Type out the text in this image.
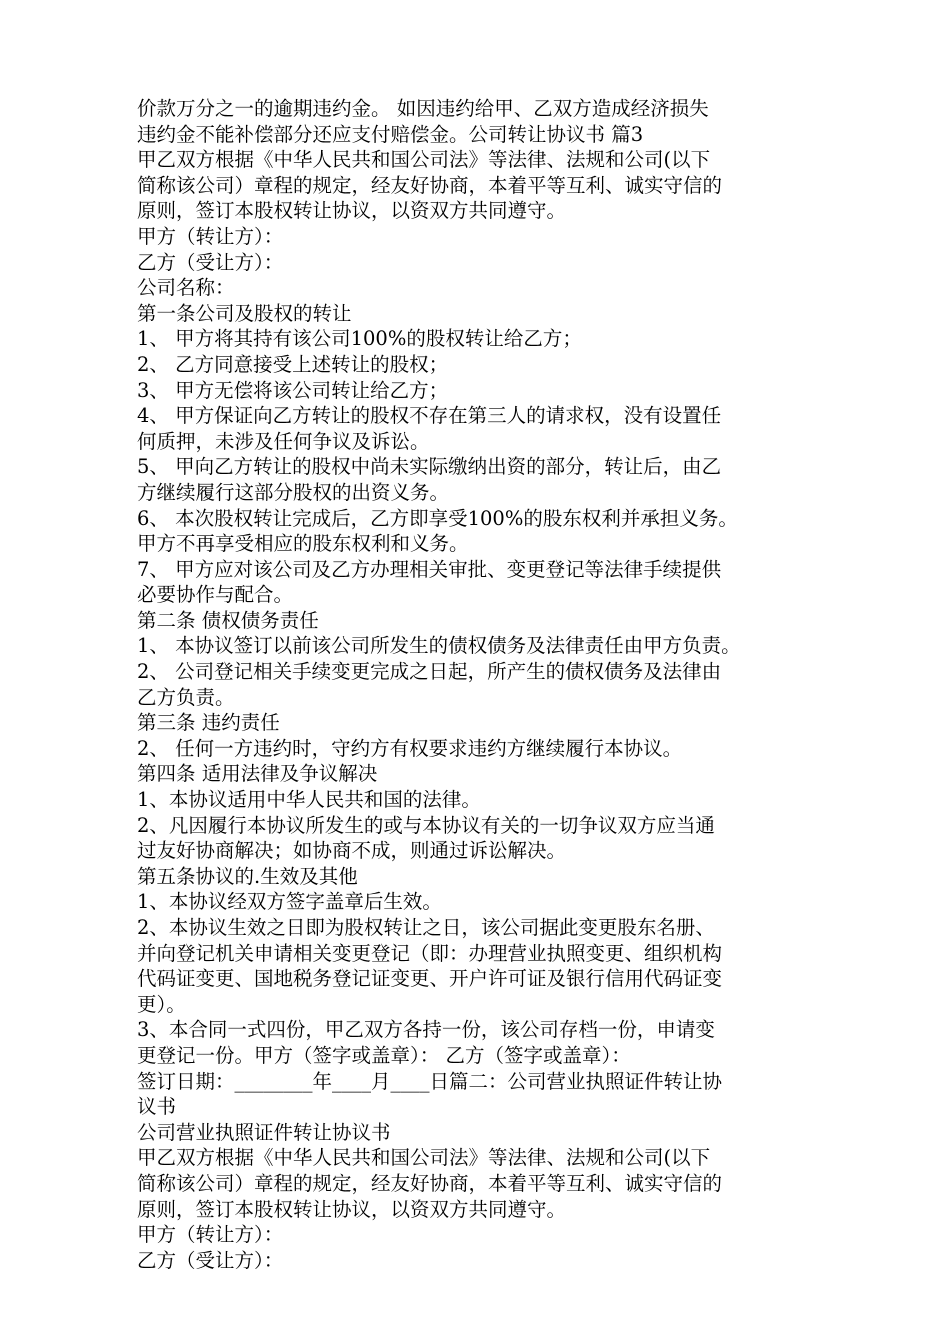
价款万分之一的逾期违约金。 如因违约给甲、乙双方造成经济损失
违约金不能补偿部分还应支付赔偿金。公司转让协议书 篇3
甲乙双方根据《中华人民共和国公司法》等法律、法规和公司(以下
简称该公司）章程的规定，经友好协商，本着平等互利、诚实守信的
原则，签订本股权转让协议，以资双方共同遵守。
甲方（转让方）：
乙方（受让方）：
公司名称：
第一条公司及股权的转让
1、 甲方将其持有该公司100%的股权转让给乙方；
2、 乙方同意接受上述转让的股权；
3、 甲方无偿将该公司转让给乙方；
4、 甲方保证向乙方转让的股权不存在第三人的请求权，没有设置任
何质押，未涉及任何争议及诉讼。
5、 甲向乙方转让的股权中尚未实际缴纳出资的部分，转让后，由乙
方继续履行这部分股权的出资义务。
6、 本次股权转让完成后，乙方即享受100%的股东权利并承担义务。
甲方不再享受相应的股东权利和义务。
7、 甲方应对该公司及乙方办理相关审批、变更登记等法律手续提供
必要协作与配合。
第二条 债权债务责任
1、 本协议签订以前该公司所发生的债权债务及法律责任由甲方负责。
2、 公司登记相关手续变更完成之日起，所产生的债权债务及法律由
乙方负责。
第三条 违约责任
2、 任何一方违约时，守约方有权要求违约方继续履行本协议。
第四条 适用法律及争议解决
1、本协议适用中华人民共和国的法律。
2、凡因履行本协议所发生的或与本协议有关的一切争议双方应当通
过友好协商解决；如协商不成，则通过诉讼解决。
第五条协议的.生效及其他
1、本协议经双方签字盖章后生效。
2、本协议生效之日即为股权转让之日，该公司据此变更股东名册、
并向登记机关申请相关变更登记（即：办理营业执照变更、组织机构
代码证变更、国地税务登记证变更、开户许可证及银行信用代码证变
更）。
3、本合同一式四份，甲乙双方各持一份，该公司存档一份，申请变
更登记一份。甲方（签字或盖章）： 乙方（签字或盖章）：
签订日期：________年____月____日篇二：公司营业执照证件转让协
议书
公司营业执照证件转让协议书
甲乙双方根据《中华人民共和国公司法》等法律、法规和公司(以下
简称该公司）章程的规定，经友好协商，本着平等互利、诚实守信的
原则，签订本股权转让协议，以资双方共同遵守。
甲方（转让方）：
乙方（受让方）：
